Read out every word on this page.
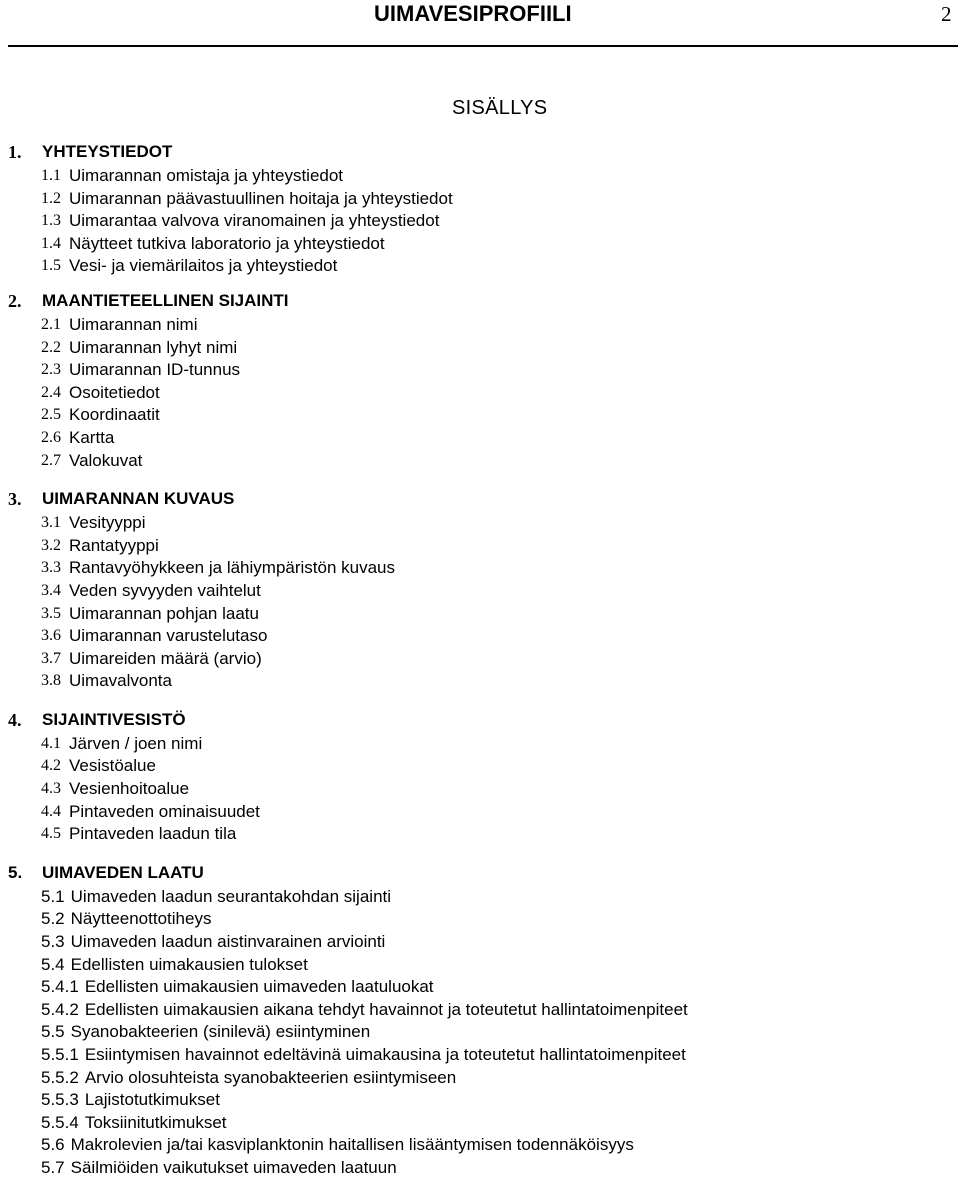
UIMAVESIPROFIILI	2
SISÄLLYS
1.	YHTEYSTIEDOT
1.1 Uimarannan omistaja ja yhteystiedot
1.2 Uimarannan päävastuullinen hoitaja ja yhteystiedot
1.3 Uimarantaa valvova viranomainen ja yhteystiedot
1.4 Näytteet tutkiva laboratorio ja yhteystiedot
1.5 Vesi- ja viemärilaitos ja yhteystiedot
2.	MAANTIETEELLINEN SIJAINTI
2.1 Uimarannan nimi
2.2 Uimarannan lyhyt nimi
2.3 Uimarannan ID-tunnus
2.4 Osoitetiedot
2.5 Koordinaatit
2.6 Kartta
2.7 Valokuvat
3.	UIMARANNAN KUVAUS
3.1 Vesityyppi
3.2 Rantatyyppi
3.3 Rantavyöhykkeen ja lähiympäristön kuvaus
3.4 Veden syvyyden vaihtelut
3.5 Uimarannan pohjan laatu
3.6 Uimarannan varustelutaso
3.7 Uimareiden määrä (arvio)
3.8 Uimavalvonta
4.	SIJAINTIVESISTÖ
4.1 Järven / joen nimi
4.2 Vesistöalue
4.3 Vesienhoitoalue
4.4 Pintaveden ominaisuudet
4.5 Pintaveden laadun tila
5.	UIMAVEDEN LAATU
5.1 Uimaveden laadun seurantakohdan sijainti
5.2 Näytteenottotiheys
5.3 Uimaveden laadun aistinvarainen arviointi
5.4 Edellisten uimakausien tulokset
5.4.1 Edellisten uimakausien uimaveden laatuluokat
5.4.2 Edellisten uimakausien aikana tehdyt havainnot ja toteutetut hallintatoimenpiteet
5.5 Syanobakteerien (sinilevä) esiintyminen
5.5.1 Esiintymisen havainnot edeltävinä uimakausina ja toteutetut hallintatoimenpiteet
5.5.2 Arvio olosuhteista syanobakteerien esiintymiseen
5.5.3 Lajistotutkimukset
5.5.4 Toksiinitutkimukset
5.6 Makrolevien ja/tai kasviplanktonin haitallisen lisääntymisen todennäköisyys
5.7 Säilmiöiden vaikutukset uimaveden laatuun
